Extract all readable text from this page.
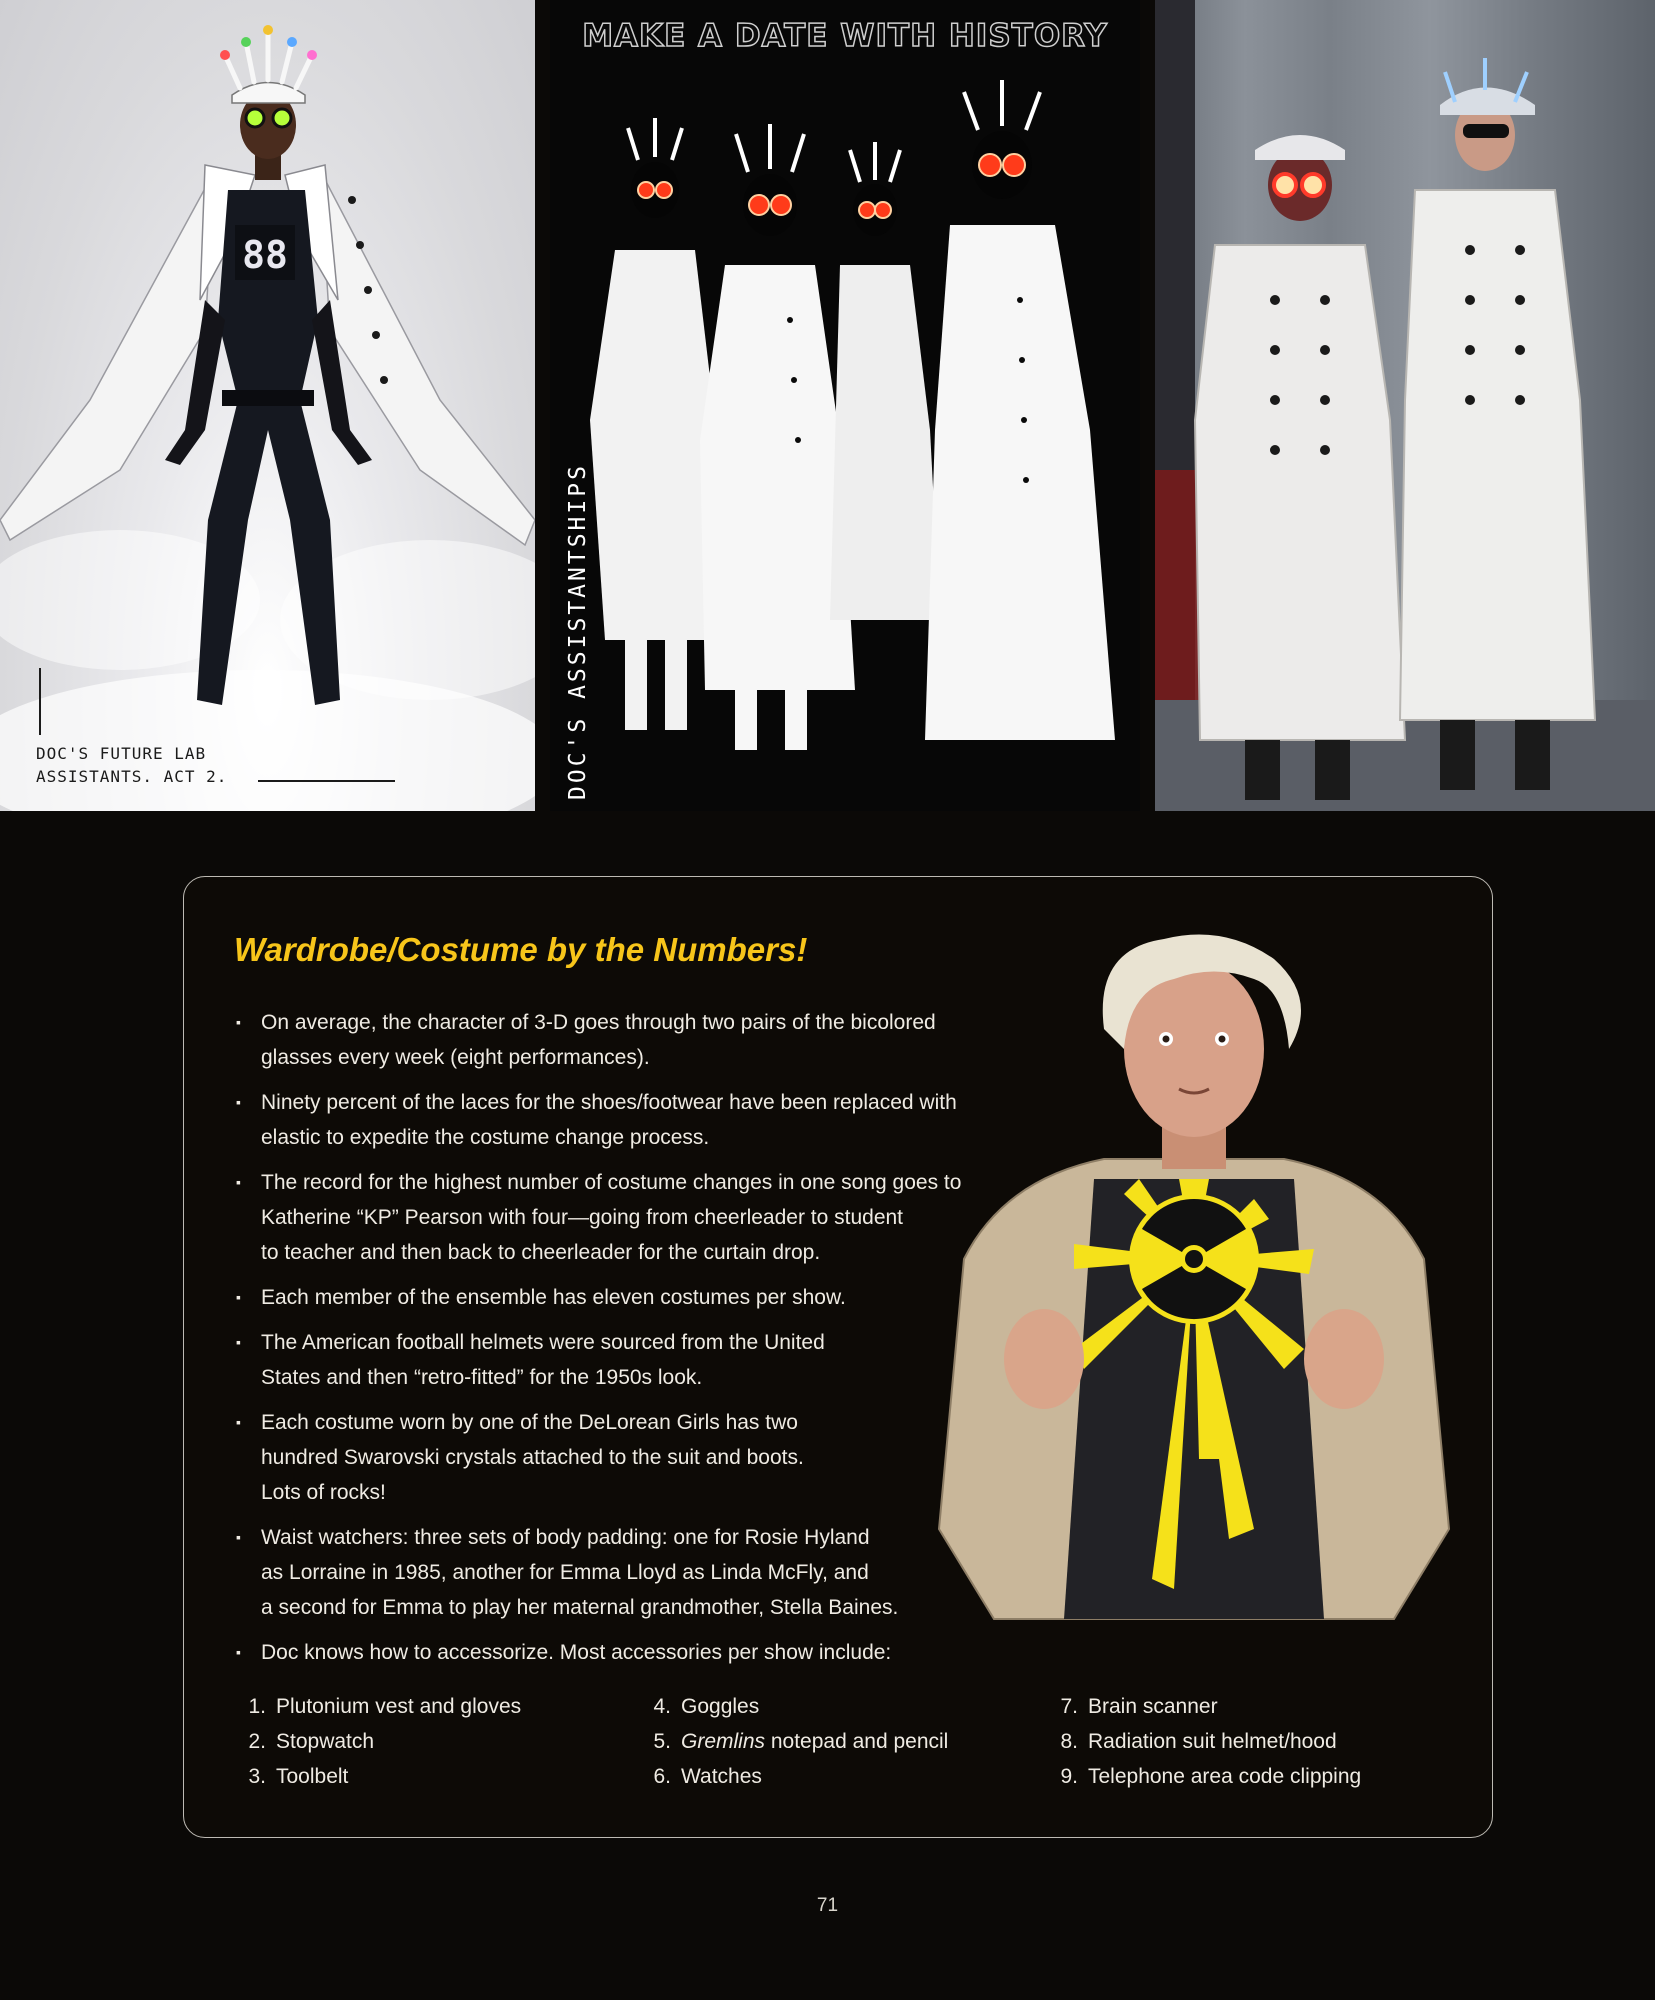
88
DOC'S FUTURE LAB
ASSISTANTS. ACT 2.
MAKE A DATE WITH HISTORY
DOC'S ASSISTANTSHIPS
Wardrobe/Costume by the Numbers!
▪ On average, the character of 3-D goes through two pairs of the bicolored
glasses every week (eight performances).
▪ Ninety percent of the laces for the shoes/footwear have been replaced with
elastic to expedite the costume change process.
▪ The record for the highest number of costume changes in one song goes to
Katherine “KP” Pearson with four—going from cheerleader to student
to teacher and then back to cheerleader for the curtain drop.
▪ Each member of the ensemble has eleven costumes per show.
▪ The American football helmets were sourced from the United
States and then “retro-fitted” for the 1950s look.
▪ Each costume worn by one of the DeLorean Girls has two
hundred Swarovski crystals attached to the suit and boots.
Lots of rocks!
▪ Waist watchers: three sets of body padding: one for Rosie Hyland
as Lorraine in 1985, another for Emma Lloyd as Linda McFly, and
a second for Emma to play her maternal grandmother, Stella Baines.
▪ Doc knows how to accessorize. Most accessories per show include:
1. Plutonium vest and gloves
2. Stopwatch
3. Toolbelt
4. Goggles
5. Gremlins notepad and pencil
6. Watches
7. Brain scanner
8. Radiation suit helmet/hood
9. Telephone area code clipping
71
